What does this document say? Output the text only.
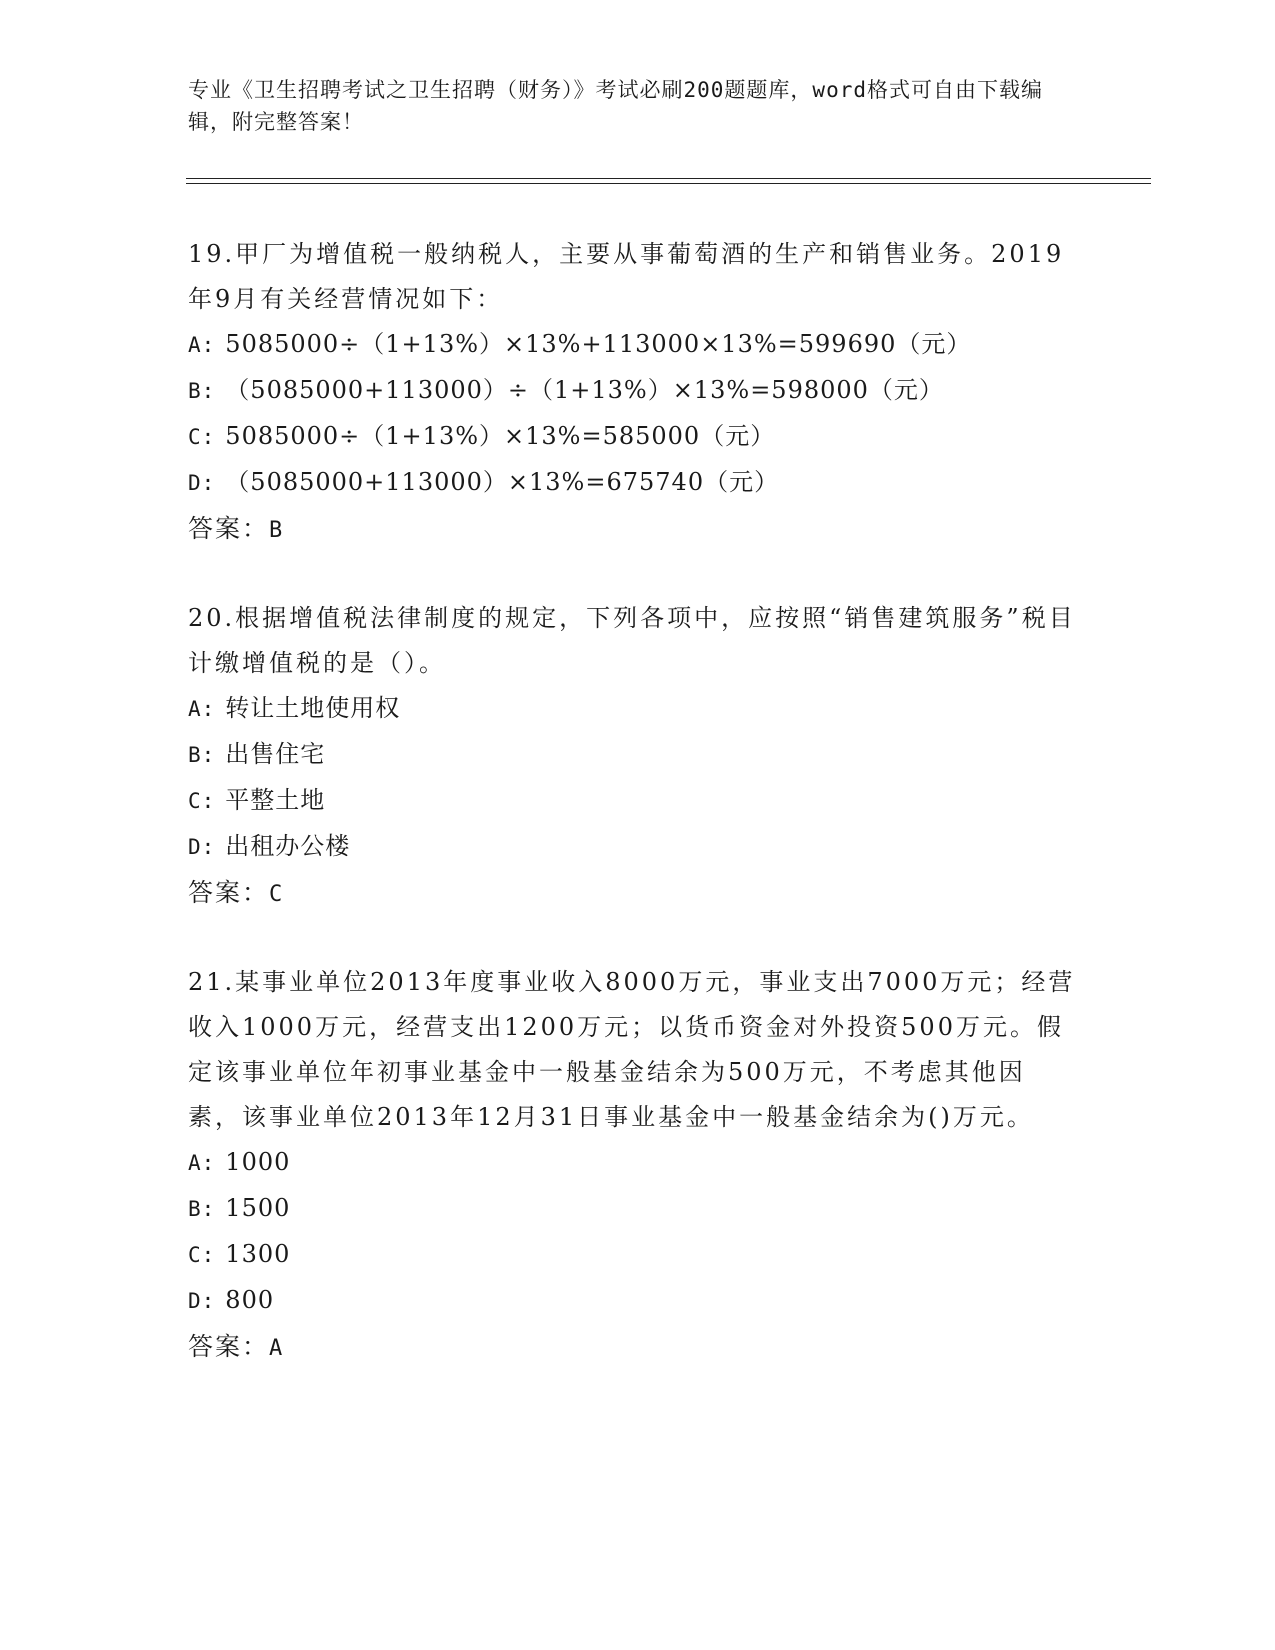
专业《卫生招聘考试之卫生招聘（财务）》考试必刷200题题库，word格式可自由下载编辑，附完整答案！
19.甲厂为增值税一般纳税人，主要从事葡萄酒的生产和销售业务。2019年9月有关经营情况如下：
A: 5085000÷（1+13%）×13%+113000×13%=599690（元）
B: （5085000+113000）÷（1+13%）×13%=598000（元）
C: 5085000÷（1+13%）×13%=585000（元）
D: （5085000+113000）×13%=675740（元）
答案：B
20.根据增值税法律制度的规定，下列各项中，应按照“销售建筑服务”税目计缴增值税的是（）。
A: 转让土地使用权
B: 出售住宅
C: 平整土地
D: 出租办公楼
答案：C
21.某事业单位2013年度事业收入8000万元，事业支出7000万元；经营收入1000万元，经营支出1200万元；以货币资金对外投资500万元。假定该事业单位年初事业基金中一般基金结余为500万元，不考虑其他因素，该事业单位2013年12月31日事业基金中一般基金结余为()万元。
A: 1000
B: 1500
C: 1300
D: 800
答案：A
